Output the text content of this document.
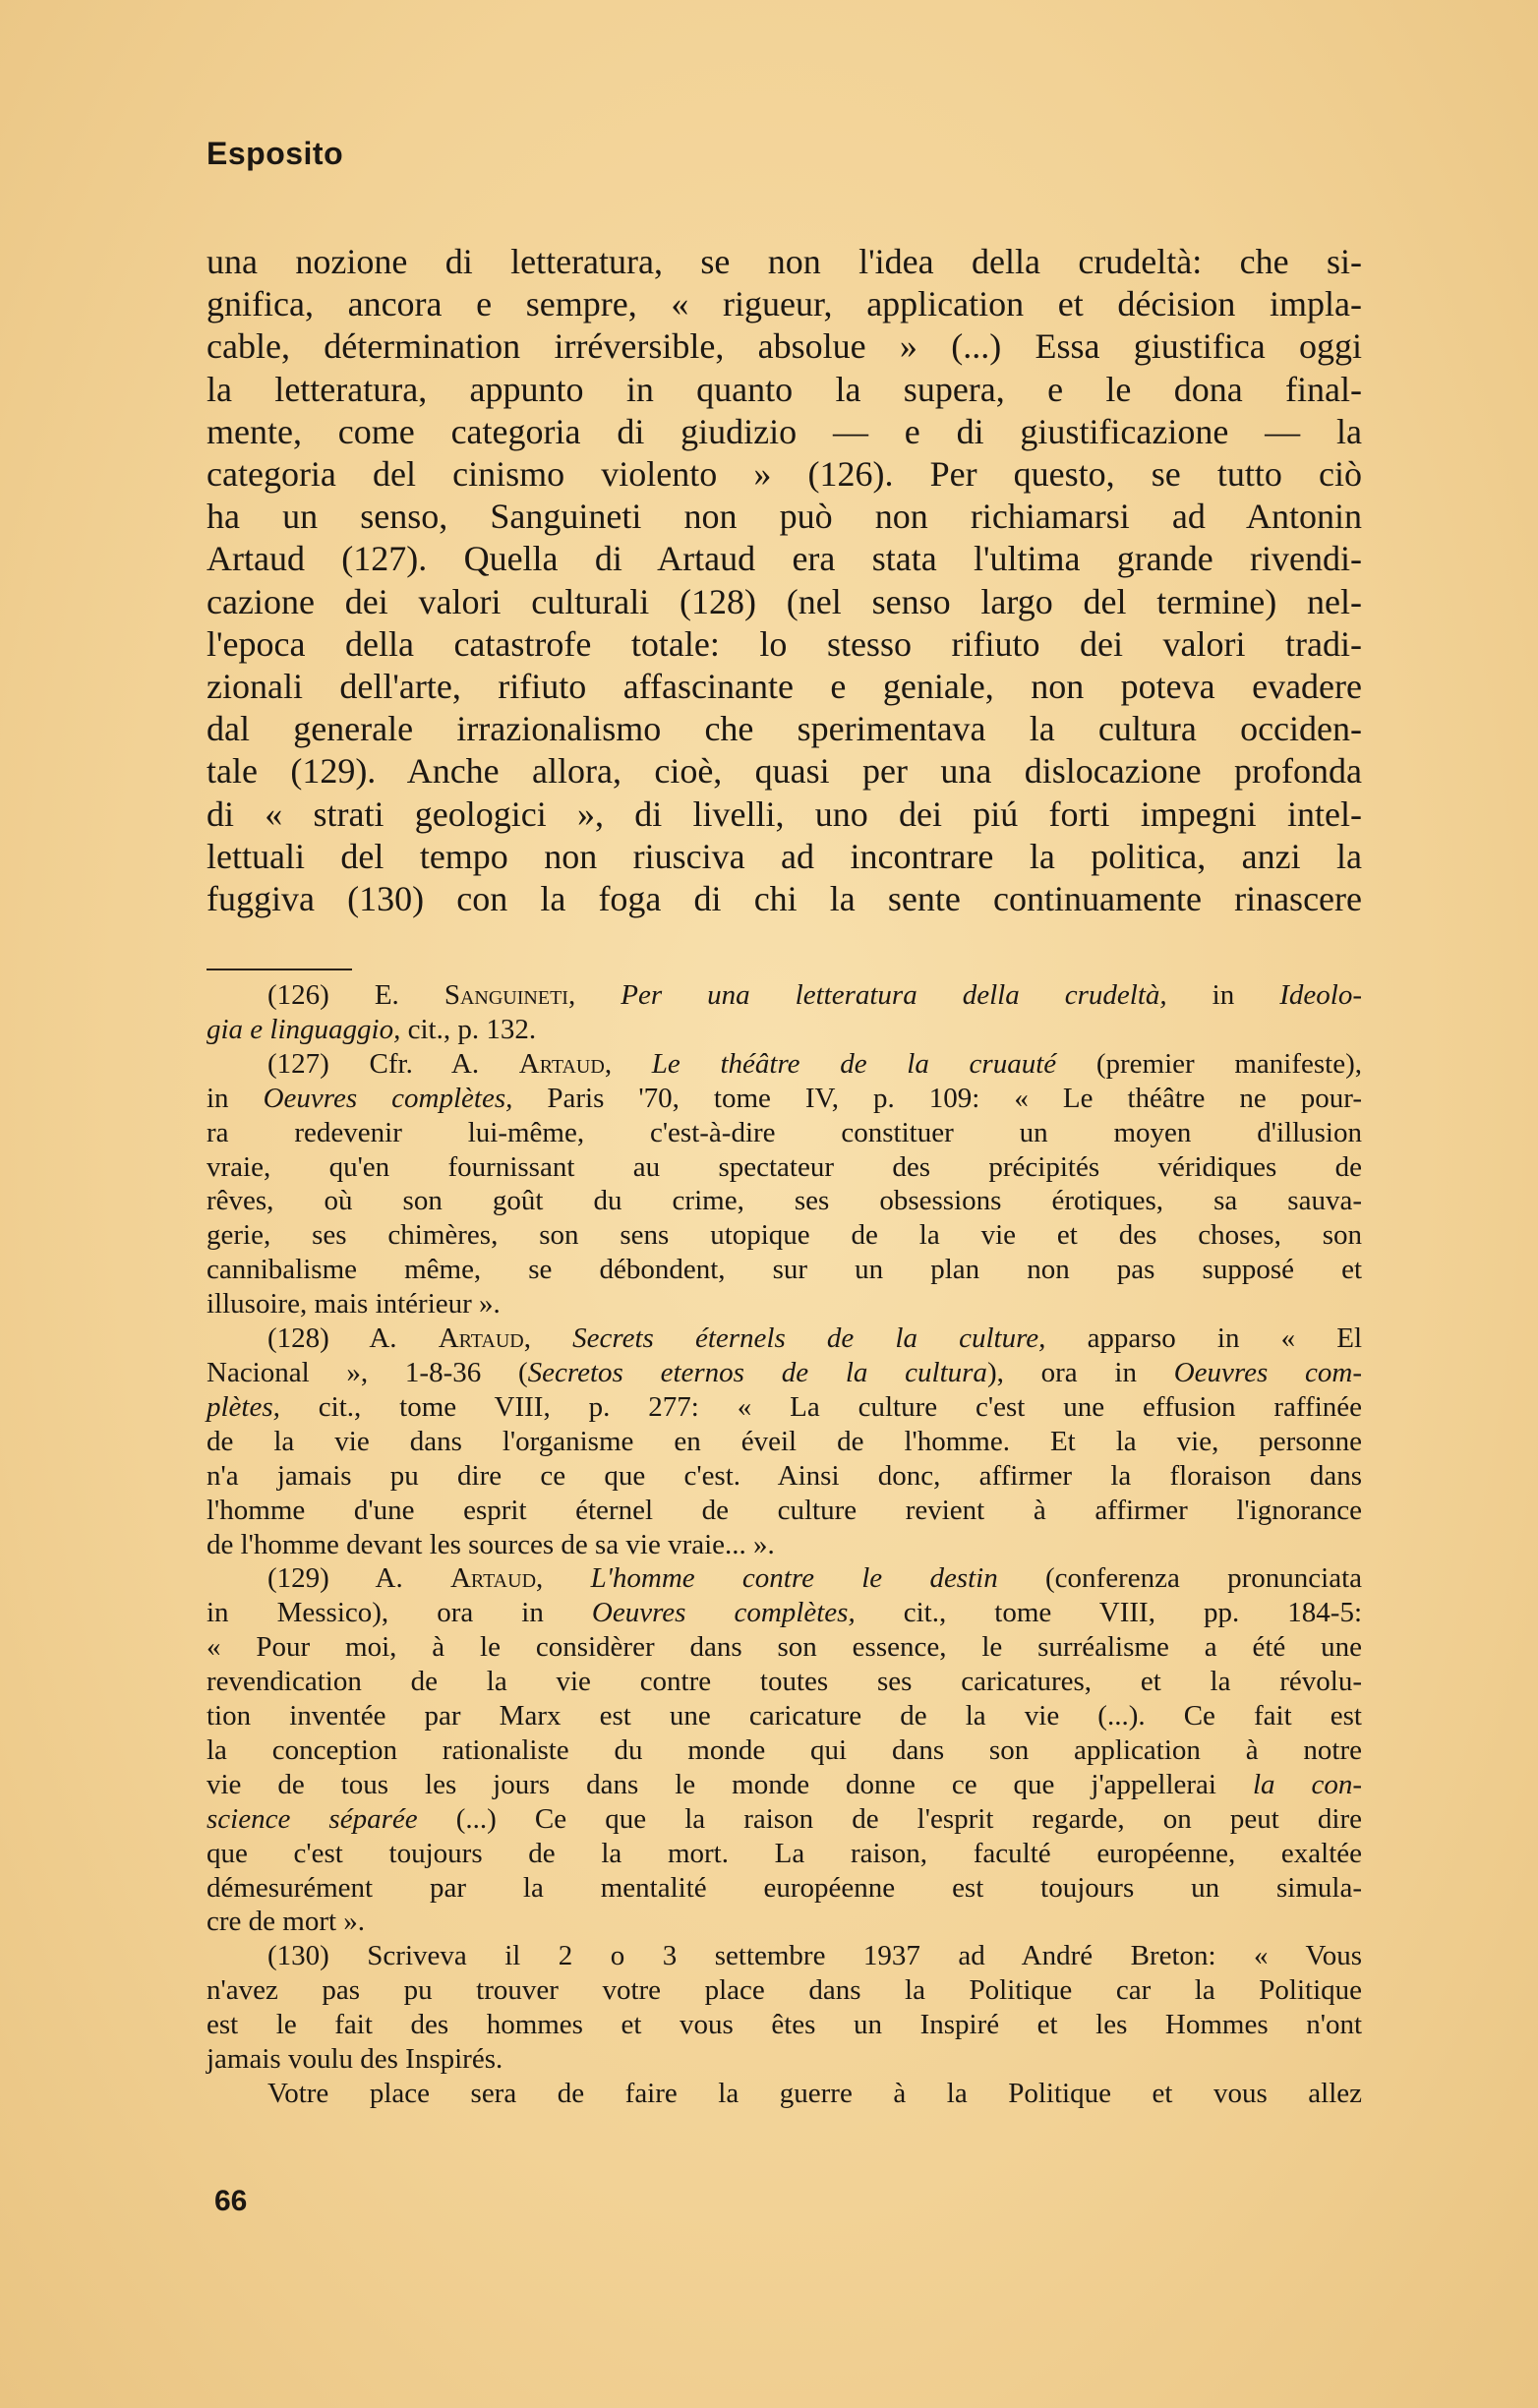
Esposito
una nozione di letteratura, se non l'idea della crudeltà: che si-
gnifica, ancora e sempre, « rigueur, application et décision impla-
cable, détermination irréversible, absolue » (...) Essa giustifica oggi
la letteratura, appunto in quanto la supera, e le dona final-
mente, come categoria di giudizio — e di giustificazione — la
categoria del cinismo violento » (126). Per questo, se tutto ciò
ha un senso, Sanguineti non può non richiamarsi ad Antonin
Artaud (127). Quella di Artaud era stata l'ultima grande rivendi-
cazione dei valori culturali (128) (nel senso largo del termine) nel-
l'epoca della catastrofe totale: lo stesso rifiuto dei valori tradi-
zionali dell'arte, rifiuto affascinante e geniale, non poteva evadere
dal generale irrazionalismo che sperimentava la cultura occiden-
tale (129). Anche allora, cioè, quasi per una dislocazione profonda
di « strati geologici », di livelli, uno dei piú forti impegni intel-
lettuali del tempo non riusciva ad incontrare la politica, anzi la
fuggiva (130) con la foga di chi la sente continuamente rinascere
(126) E. Sanguineti, Per una letteratura della crudeltà, in Ideolo-
gia e linguaggio, cit., p. 132.
(127) Cfr. A. Artaud, Le théâtre de la cruauté (premier manifeste),
in Oeuvres complètes, Paris '70, tome IV, p. 109: « Le théâtre ne pour-
ra redevenir lui-même, c'est-à-dire constituer un moyen d'illusion
vraie, qu'en fournissant au spectateur des précipités véridiques de
rêves, où son goût du crime, ses obsessions érotiques, sa sauva-
gerie, ses chimères, son sens utopique de la vie et des choses, son
cannibalisme même, se débondent, sur un plan non pas supposé et
illusoire, mais intérieur ».
(128) A. Artaud, Secrets éternels de la culture, apparso in « El
Nacional », 1-8-36 (Secretos eternos de la cultura), ora in Oeuvres com-
plètes, cit., tome VIII, p. 277: « La culture c'est une effusion raffinée
de la vie dans l'organisme en éveil de l'homme. Et la vie, personne
n'a jamais pu dire ce que c'est. Ainsi donc, affirmer la floraison dans
l'homme d'une esprit éternel de culture revient à affirmer l'ignorance
de l'homme devant les sources de sa vie vraie... ».
(129) A. Artaud, L'homme contre le destin (conferenza pronunciata
in Messico), ora in Oeuvres complètes, cit., tome VIII, pp. 184-5:
« Pour moi, à le considèrer dans son essence, le surréalisme a été une
revendication de la vie contre toutes ses caricatures, et la révolu-
tion inventée par Marx est une caricature de la vie (...). Ce fait est
la conception rationaliste du monde qui dans son application à notre
vie de tous les jours dans le monde donne ce que j'appellerai la con-
science séparée (...) Ce que la raison de l'esprit regarde, on peut dire
que c'est toujours de la mort. La raison, faculté européenne, exaltée
démesurément par la mentalité européenne est toujours un simula-
cre de mort ».
(130) Scriveva il 2 o 3 settembre 1937 ad André Breton: « Vous
n'avez pas pu trouver votre place dans la Politique car la Politique
est le fait des hommes et vous êtes un Inspiré et les Hommes n'ont
jamais voulu des Inspirés.
Votre place sera de faire la guerre à la Politique et vous allez
66
